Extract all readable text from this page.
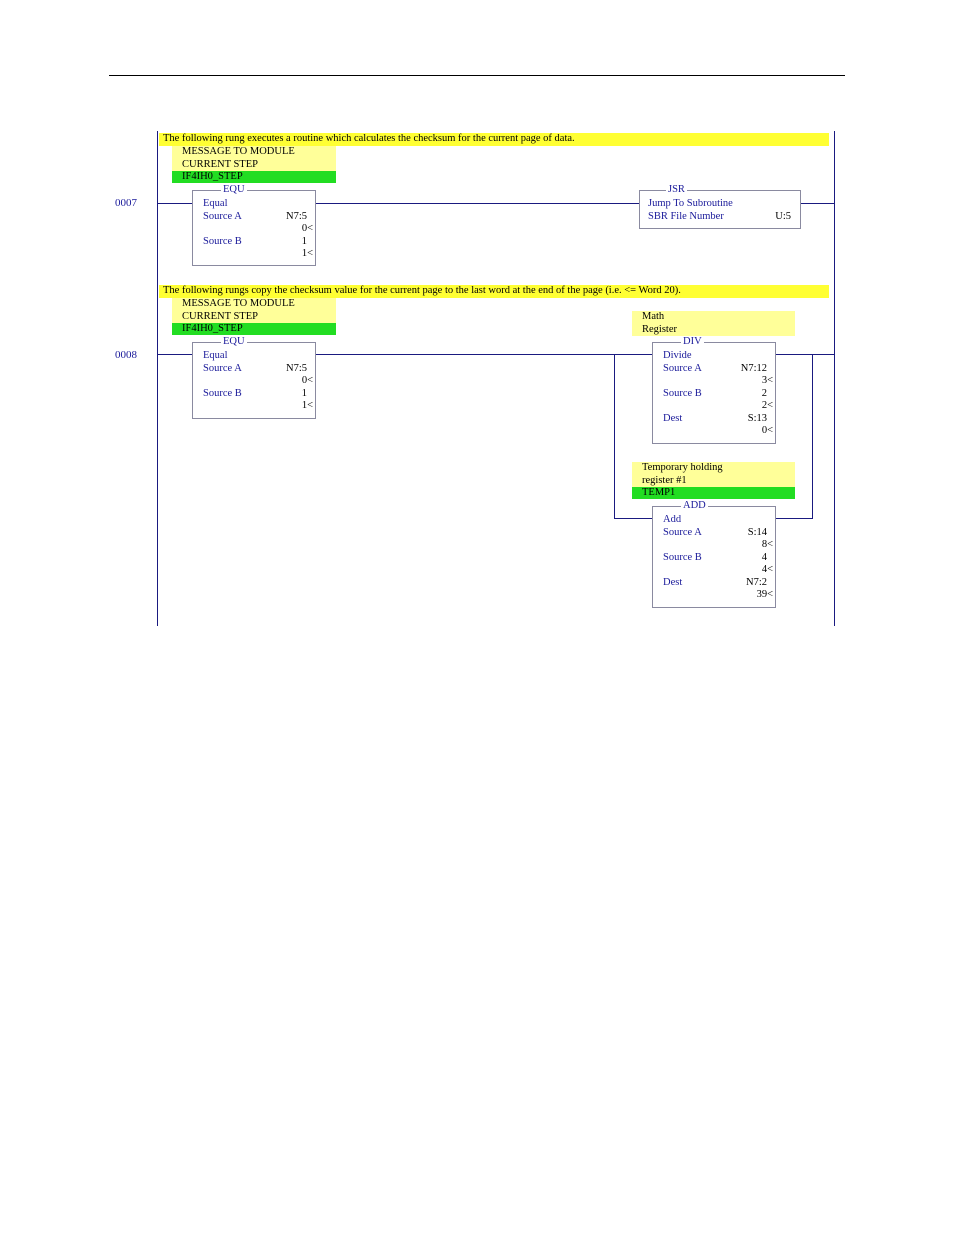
0007
The following rung executes a routine which calculates the checksum for the current page of data.
MESSAGE TO MODULE
CURRENT STEP
IF4IH0_STEP
EQU
Equal
Source A	N7:5
0<
Source B	1
1<
JSR
Jump To Subroutine
SBR File Number	U:5
0008
The following rungs copy the checksum value for the current page to the last word at the end of the page (i.e. <= Word 20).
MESSAGE TO MODULE
CURRENT STEP
IF4IH0_STEP
EQU
Equal
Source A	N7:5
0<
Source B	1
1<
Math
Register
DIV
Divide
Source A	N7:12
3<
Source B	2
2<
Dest	S:13
0<
Temporary holding
register #1
TEMP1
ADD
Add
Source A	S:14
8<
Source B	4
4<
Dest	N7:2
39<
